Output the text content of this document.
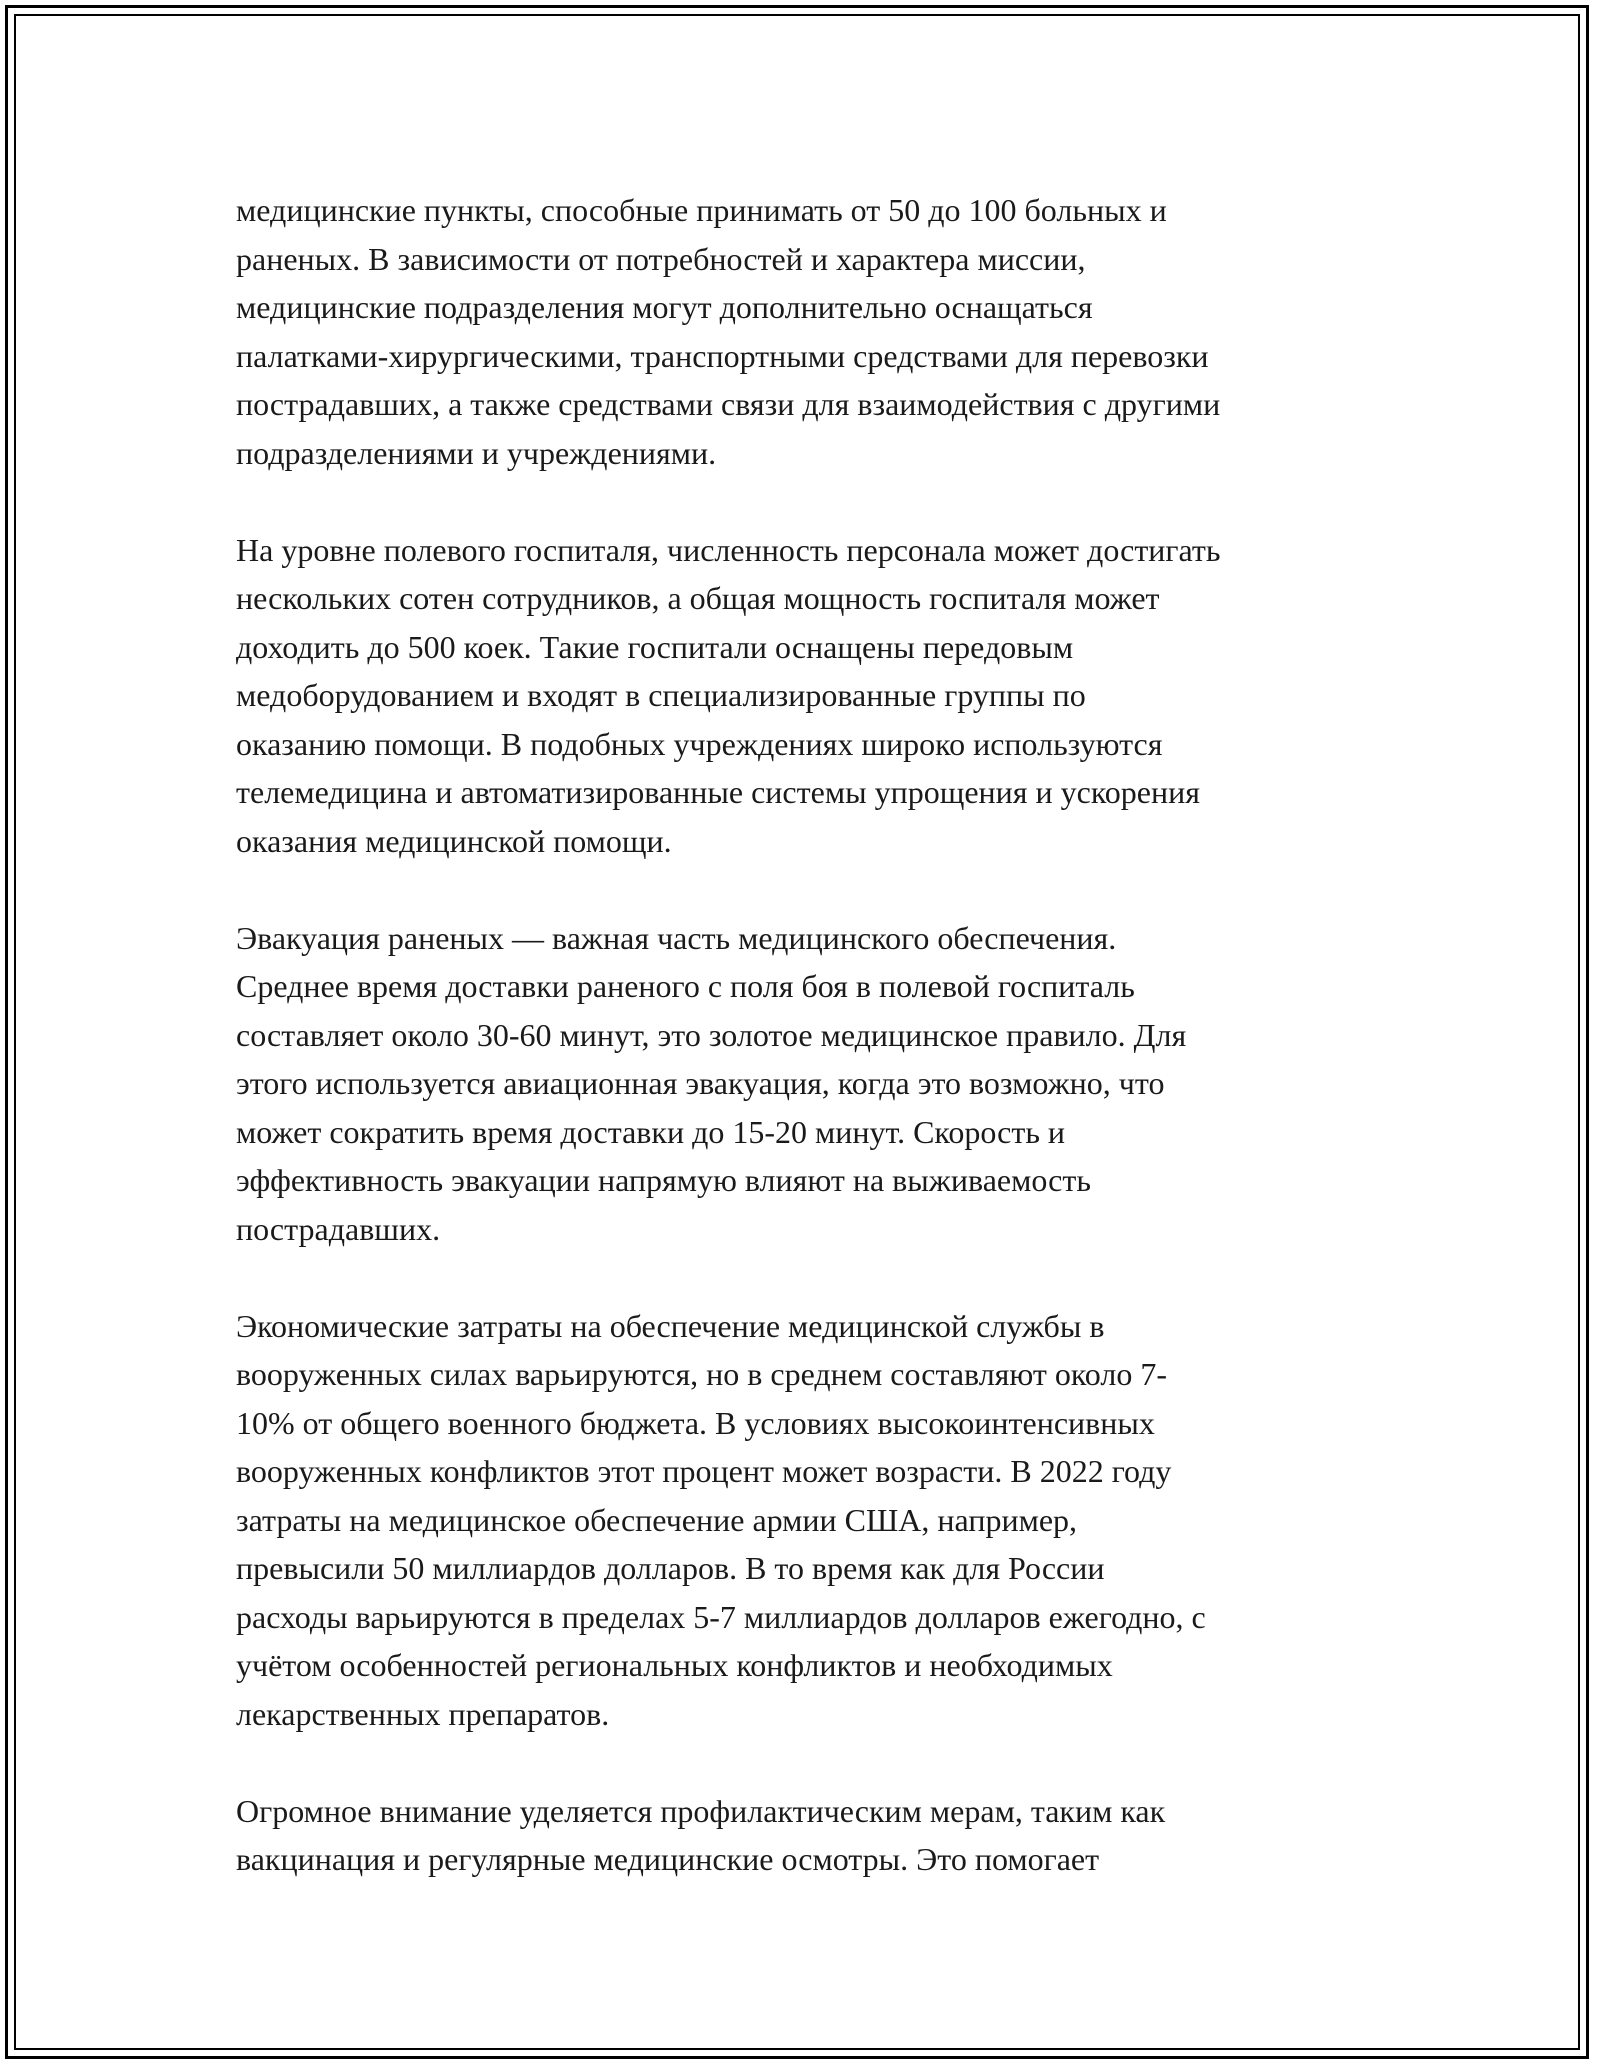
медицинские пункты, способные принимать от 50 до 100 больных и
раненых. В зависимости от потребностей и характера миссии,
медицинские подразделения могут дополнительно оснащаться
палатками-хирургическими, транспортными средствами для перевозки
пострадавших, а также средствами связи для взаимодействия с другими
подразделениями и учреждениями.

На уровне полевого госпиталя, численность персонала может достигать
нескольких сотен сотрудников, а общая мощность госпиталя может
доходить до 500 коек. Такие госпитали оснащены передовым
медоборудованием и входят в специализированные группы по
оказанию помощи. В подобных учреждениях широко используются
телемедицина и автоматизированные системы упрощения и ускорения
оказания медицинской помощи.

Эвакуация раненых — важная часть медицинского обеспечения.
Среднее время доставки раненого с поля боя в полевой госпиталь
составляет около 30-60 минут, это золотое медицинское правило. Для
этого используется авиационная эвакуация, когда это возможно, что
может сократить время доставки до 15-20 минут. Скорость и
эффективность эвакуации напрямую влияют на выживаемость
пострадавших.

Экономические затраты на обеспечение медицинской службы в
вооруженных силах варьируются, но в среднем составляют около 7-
10% от общего военного бюджета. В условиях высокоинтенсивных
вооруженных конфликтов этот процент может возрасти. В 2022 году
затраты на медицинское обеспечение армии США, например,
превысили 50 миллиардов долларов. В то время как для России
расходы варьируются в пределах 5-7 миллиардов долларов ежегодно, с
учётом особенностей региональных конфликтов и необходимых
лекарственных препаратов.

Огромное внимание уделяется профилактическим мерам, таким как
вакцинация и регулярные медицинские осмотры. Это помогает
